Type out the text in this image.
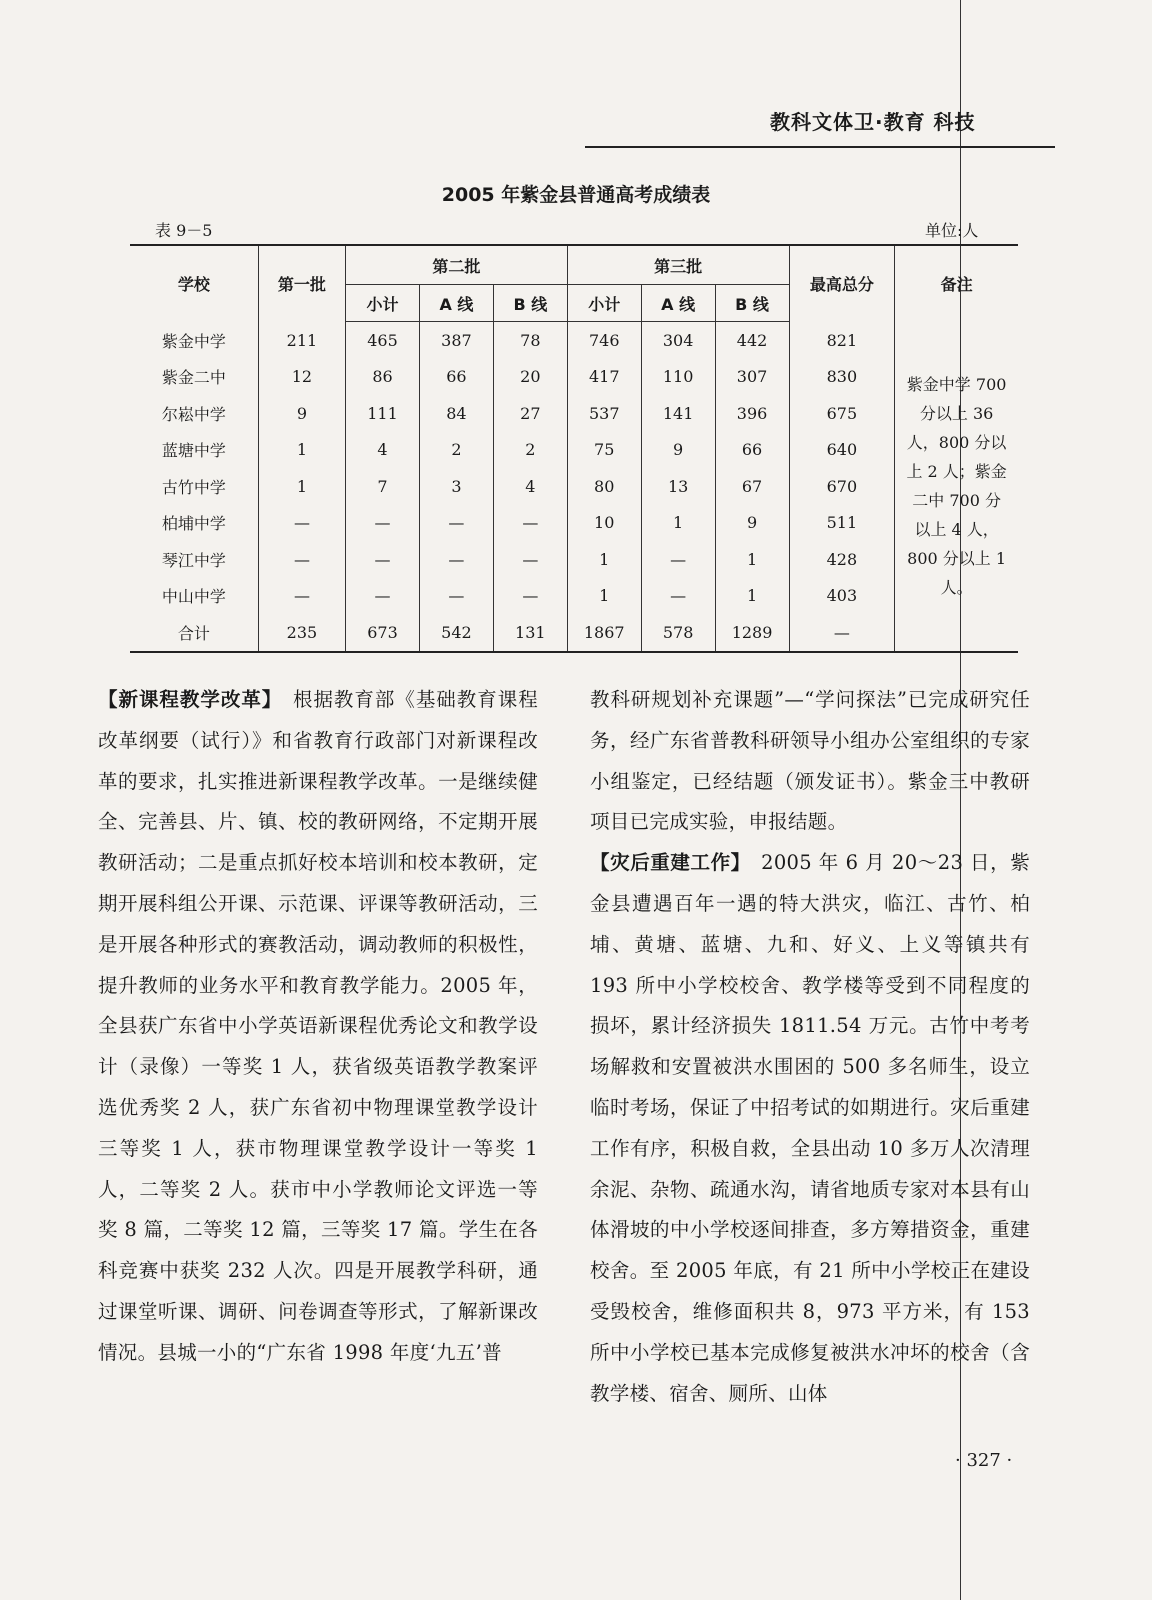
教科文体卫·教育 科技
2005 年紫金县普通高考成绩表
表 9－5	单位:人
学校	第一批	第二批			第三批			最高总分	备注
		小计	A 线	B 线	小计	A 线	B 线		
紫金中学	211	465	387	78	746	304	442	821	紫金中学 700 分以上 36 人，800 分以上 2 人；紫金二中 700 分以上 4 人，800 分以上 1 人。
紫金二中	12	86	66	20	417	110	307	830	
尔崧中学	9	111	84	27	537	141	396	675	
蓝塘中学	1	4	2	2	75	9	66	640	
古竹中学	1	7	3	4	80	13	67	670	
柏埔中学	—	—	—	—	10	1	9	511	
琴江中学	—	—	—	—	1	—	1	428	
中山中学	—	—	—	—	1	—	1	403	
合计	235	673	542	131	1867	578	1289	—	

【新课程教学改革】　根据教育部《基础教育课程改革纲要（试行）》和省教育行政部门对新课程改革的要求，扎实推进新课程教学改革。一是继续健全、完善县、片、镇、校的教研网络，不定期开展教研活动；二是重点抓好校本培训和校本教研，定期开展科组公开课、示范课、评课等教研活动，三是开展各种形式的赛教活动，调动教师的积极性，提升教师的业务水平和教育教学能力。2005 年，全县获广东省中小学英语新课程优秀论文和教学设计（录像）一等奖 1 人，获省级英语教学教案评选优秀奖 2 人，获广东省初中物理课堂教学设计三等奖 1 人，获市物理课堂教学设计一等奖 1 人，二等奖 2 人。获市中小学教师论文评选一等奖 8 篇，二等奖 12 篇，三等奖 17 篇。学生在各科竞赛中获奖 232 人次。四是开展教学科研，通过课堂听课、调研、问卷调查等形式，了解新课改情况。县城一小的“广东省 1998 年度‘九五’普

教科研规划补充课题”—“学问探法”已完成研究任务，经广东省普教科研领导小组办公室组织的专家小组鉴定，已经结题（颁发证书）。紫金三中教研项目已完成实验，申报结题。

【灾后重建工作】　2005 年 6 月 20～23 日，紫金县遭遇百年一遇的特大洪灾，临江、古竹、柏埔、黄塘、蓝塘、九和、好义、上义等镇共有 193 所中小学校校舍、教学楼等受到不同程度的损坏，累计经济损失 1811.54 万元。古竹中考考场解救和安置被洪水围困的 500 多名师生，设立临时考场，保证了中招考试的如期进行。灾后重建工作有序，积极自救，全县出动 10 多万人次清理余泥、杂物、疏通水沟，请省地质专家对本县有山体滑坡的中小学校逐间排查，多方筹措资金，重建校舍。至 2005 年底，有 21 所中小学校正在建设受毁校舍，维修面积共 8，973 平方米，有 153 所中小学校已基本完成修复被洪水冲坏的校舍（含教学楼、宿舍、厕所、山体

· 327 ·
